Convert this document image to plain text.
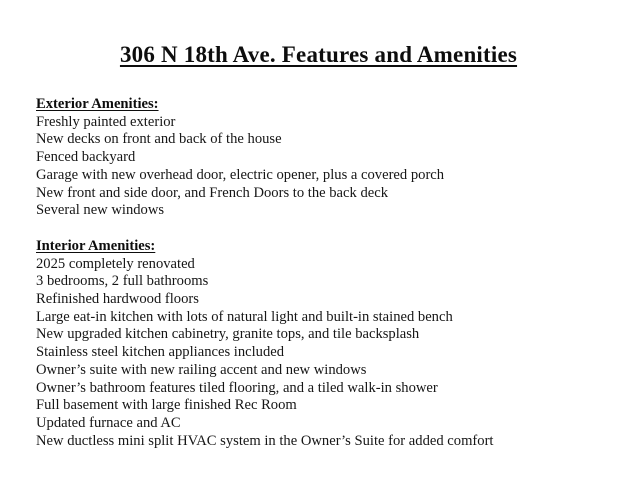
306 N 18th Ave. Features and Amenities
Exterior Amenities:
Freshly painted exterior
New decks on front and back of the house
Fenced backyard
Garage with new overhead door, electric opener, plus a covered porch
New front and side door, and French Doors to the back deck
Several new windows
Interior Amenities:
2025 completely renovated
3 bedrooms, 2 full bathrooms
Refinished hardwood floors
Large eat-in kitchen with lots of natural light and built-in stained bench
New upgraded kitchen cabinetry, granite tops, and tile backsplash
Stainless steel kitchen appliances included
Owner’s suite with new railing accent and new windows
Owner’s bathroom features tiled flooring, and a tiled walk-in shower
Full basement with large finished Rec Room
Updated furnace and AC
New ductless mini split HVAC system in the Owner’s Suite for added comfort
